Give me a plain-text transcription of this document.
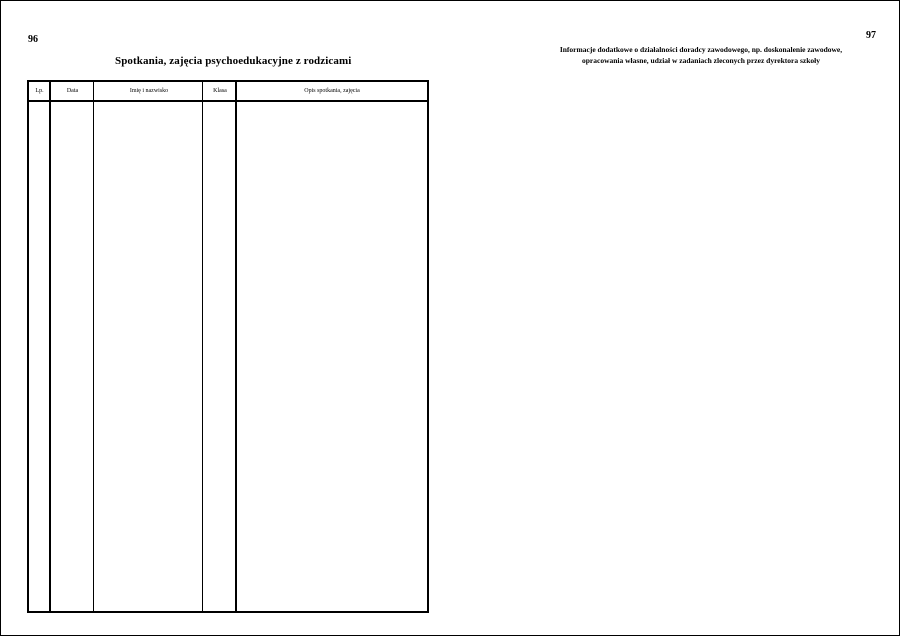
96
Spotkania, zajęcia psychoedukacyjne z rodzicami
Lp.	Data	Imię i nazwisko	Klasa	Opis spotkania, zajęcia
97
Informacje dodatkowe o działalności doradcy zawodowego, np. doskonalenie zawodowe,
opracowania własne, udział w zadaniach zleconych przez dyrektora szkoły
